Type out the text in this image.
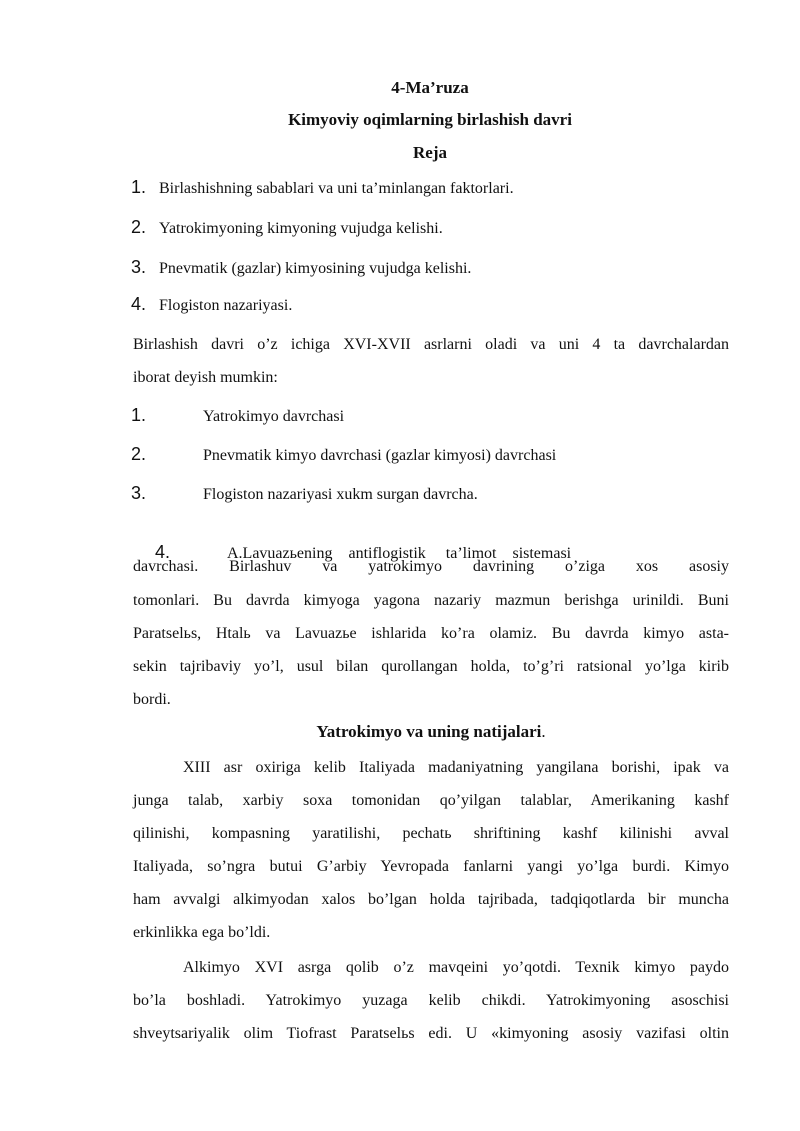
4-Ma’ruza
Kimyoviy oqimlarning birlashish davri
Reja
1. Birlashishning sabablari va uni ta’minlangan faktorlari.
2. Yatrokimyoning kimyoning vujudga kelishi.
3. Pnevmatik (gazlar) kimyosining vujudga kelishi.
4. Flogiston nazariyasi.
Birlashish davri o’z ichiga XVI-XVII asrlarni oladi va uni 4 ta davrchalardan
iborat deyish mumkin:
1.	Yatrokimyo davrchasi
2.	Pnevmatik kimyo davrchasi (gazlar kimyosi) davrchasi
3.	Flogiston nazariyasi xukm surgan davrcha.

4.	A.Lavuazьening    antiflogistik     ta’limot    sistemasi

davrchasi. Birlashuv va yatrokimyo davrining o’ziga xos asosiy
tomonlari. Bu davrda kimyoga yagona nazariy mazmun berishga urinildi. Buni
Paratselьs, Htalь va Lavuazьe ishlarida ko’ra olamiz. Bu davrda kimyo asta-
sekin tajribaviy yo’l, usul bilan qurollangan holda, to’g’ri ratsional yo’lga kirib
bordi.
Yatrokimyo va uning natijalari.
XIII asr oxiriga kelib Italiyada madaniyatning yangilana borishi, ipak va
junga talab, xarbiy soxa tomonidan qo’yilgan talablar, Amerikaning kashf
qilinishi, kompasning yaratilishi, pechatь shriftining kashf kilinishi avval
Italiyada, so’ngra butui G’arbiy Yevropada fanlarni yangi yo’lga burdi. Kimyo
ham avvalgi alkimyodan xalos bo’lgan holda tajribada, tadqiqotlarda bir muncha
erkinlikka ega bo’ldi.
Alkimyo XVI asrga qolib o’z mavqeini yo’qotdi. Texnik kimyo paydo
bo’la boshladi. Yatrokimyo yuzaga kelib chikdi. Yatrokimyoning asoschisi
shveytsariyalik olim Tiofrast Paratselьs edi. U «kimyoning asosiy vazifasi oltin
